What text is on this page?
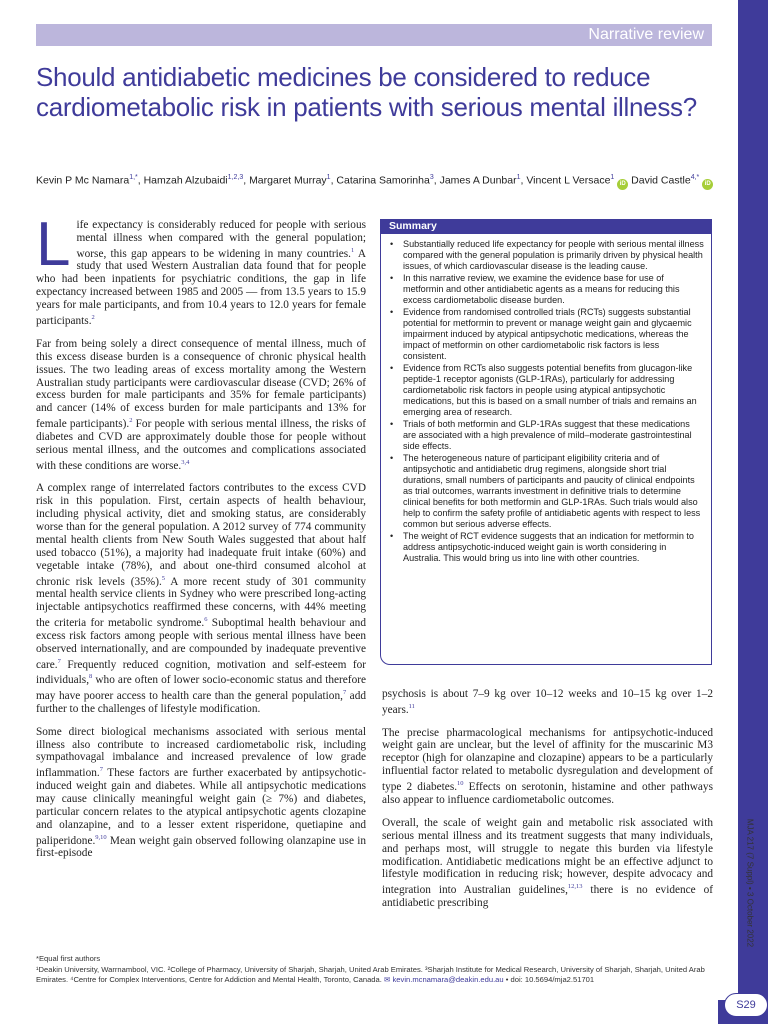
Narrative review
MJA 217 (7 Suppl) ▪ 3 October 2022
S29
Should antidiabetic medicines be considered to reduce cardiometabolic risk in patients with serious mental illness?
Kevin P Mc Namara$^{1,*}$, Hamzah Alzubaidi$^{1,2,3}$, Margaret Murray$^1$, Catarina Samorinha$^3$, James A Dunbar$^1$, Vincent L Versace$^1$ iD David Castle$^{4,*}$ iD

Life expectancy is considerably reduced for people with serious mental illness when compared with the general population; worse, this gap appears to be widening in many countries.$^1$ A study that used Western Australian data found that for people who had been inpatients for psychiatric conditions, the gap in life expectancy increased between 1985 and 2005 — from 13.5 years to 15.9 years for male participants, and from 10.4 years to 12.0 years for female participants.$^2$

Far from being solely a direct consequence of mental illness, much of this excess disease burden is a consequence of chronic physical health issues. The two leading areas of excess mortality among the Western Australian study participants were cardiovascular disease (CVD; 26% of excess burden for male participants and 35% for female participants) and cancer (14% of excess burden for male participants and 13% for female participants).$^2$ For people with serious mental illness, the risks of diabetes and CVD are approximately double those for people without serious mental illness, and the outcomes and complications associated with these conditions are worse.$^{3,4}$

A complex range of interrelated factors contributes to the excess CVD risk in this population. First, certain aspects of health behaviour, including physical activity, diet and smoking status, are considerably worse than for the general population. A 2012 survey of 774 community mental health clients from New South Wales suggested that about half used tobacco (51%), a majority had inadequate fruit intake (60%) and vegetable intake (78%), and about one-third consumed alcohol at chronic risk levels (35%).$^5$ A more recent study of 301 community mental health service clients in Sydney who were prescribed long-acting injectable antipsychotics reaffirmed these concerns, with 44% meeting the criteria for metabolic syndrome.$^6$ Suboptimal health behaviour and excess risk factors among people with serious mental illness have been observed internationally, and are compounded by inadequate preventive care.$^7$ Frequently reduced cognition, motivation and self-esteem for individuals,$^8$ who are often of lower socio-economic status and therefore may have poorer access to health care than the general population,$^7$ add further to the challenges of lifestyle modification.

Some direct biological mechanisms associated with serious mental illness also contribute to increased cardiometabolic risk, including sympathovagal imbalance and increased prevalence of low grade inflammation.$^7$ These factors are further exacerbated by antipsychotic-induced weight gain and diabetes. While all antipsychotic medications may cause clinically meaningful weight gain (≥ 7%) and diabetes, particular concern relates to the atypical antipsychotic agents clozapine and olanzapine, and to a lesser extent risperidone, quetiapine and paliperidone.$^{9,10}$ Mean weight gain observed following olanzapine use in first-episode

Summary
• Substantially reduced life expectancy for people with serious mental illness compared with the general population is primarily driven by physical health issues, of which cardiovascular disease is the leading cause.
• In this narrative review, we examine the evidence base for use of metformin and other antidiabetic agents as a means for reducing this excess cardiometabolic disease burden.
• Evidence from randomised controlled trials (RCTs) suggests substantial potential for metformin to prevent or manage weight gain and glycaemic impairment induced by atypical antipsychotic medications, whereas the impact of metformin on other cardiometabolic risk factors is less consistent.
• Evidence from RCTs also suggests potential benefits from glucagon-like peptide-1 receptor agonists (GLP-1RAs), particularly for addressing cardiometabolic risk factors in people using atypical antipsychotic medications, but this is based on a small number of trials and remains an emerging area of research.
• Trials of both metformin and GLP-1RAs suggest that these medications are associated with a high prevalence of mild–moderate gastrointestinal side effects.
• The heterogeneous nature of participant eligibility criteria and of antipsychotic and antidiabetic drug regimens, alongside short trial durations, small numbers of participants and paucity of clinical endpoints as trial outcomes, warrants investment in definitive trials to determine clinical benefits for both metformin and GLP-1RAs. Such trials would also help to confirm the safety profile of antidiabetic agents with respect to less common but serious adverse effects.
• The weight of RCT evidence suggests that an indication for metformin to address antipsychotic-induced weight gain is worth considering in Australia. This would bring us into line with other countries.

psychosis is about 7–9 kg over 10–12 weeks and 10–15 kg over 1–2 years.$^{11}$

The precise pharmacological mechanisms for antipsychotic-induced weight gain are unclear, but the level of affinity for the muscarinic M3 receptor (high for olanzapine and clozapine) appears to be a particularly influential factor related to metabolic dysregulation and development of type 2 diabetes.$^{10}$ Effects on serotonin, histamine and other pathways also appear to influence cardiometabolic outcomes.

Overall, the scale of weight gain and metabolic risk associated with serious mental illness and its treatment suggests that many individuals, and perhaps most, will struggle to negate this burden via lifestyle modification. Antidiabetic medications might be an effective adjunct to lifestyle modification in reducing risk; however, despite advocacy and integration into Australian guidelines,$^{12,13}$ there is no evidence of antidiabetic prescribing

*Equal first authors
¹Deakin University, Warrnambool, VIC. ²College of Pharmacy, University of Sharjah, Sharjah, United Arab Emirates. ³Sharjah Institute for Medical Research, University of Sharjah, Sharjah, United Arab Emirates. ⁴Centre for Complex Interventions, Centre for Addiction and Mental Health, Toronto, Canada. ✉ kevin.mcnamara@deakin.edu.au • doi: 10.5694/mja2.51701
